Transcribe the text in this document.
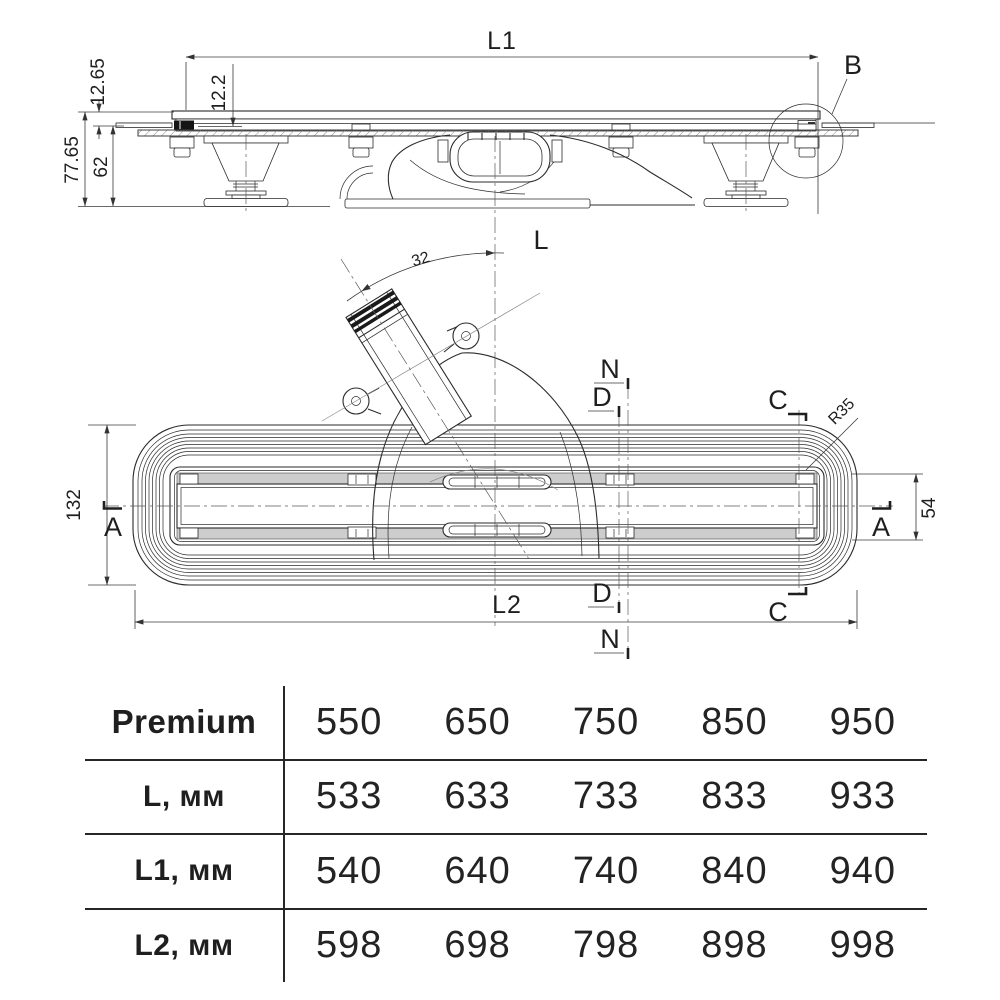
L1
12.2
12.65
77.65 62
B
L
32
132	54
R35
L2
A	A
C
C
N
D
D
N
Premium	550	650	750	850	950
L, мм	533	633	733	833	933
L1, мм	540	640	740	840	940
L2, мм	598	698	798	898	998
